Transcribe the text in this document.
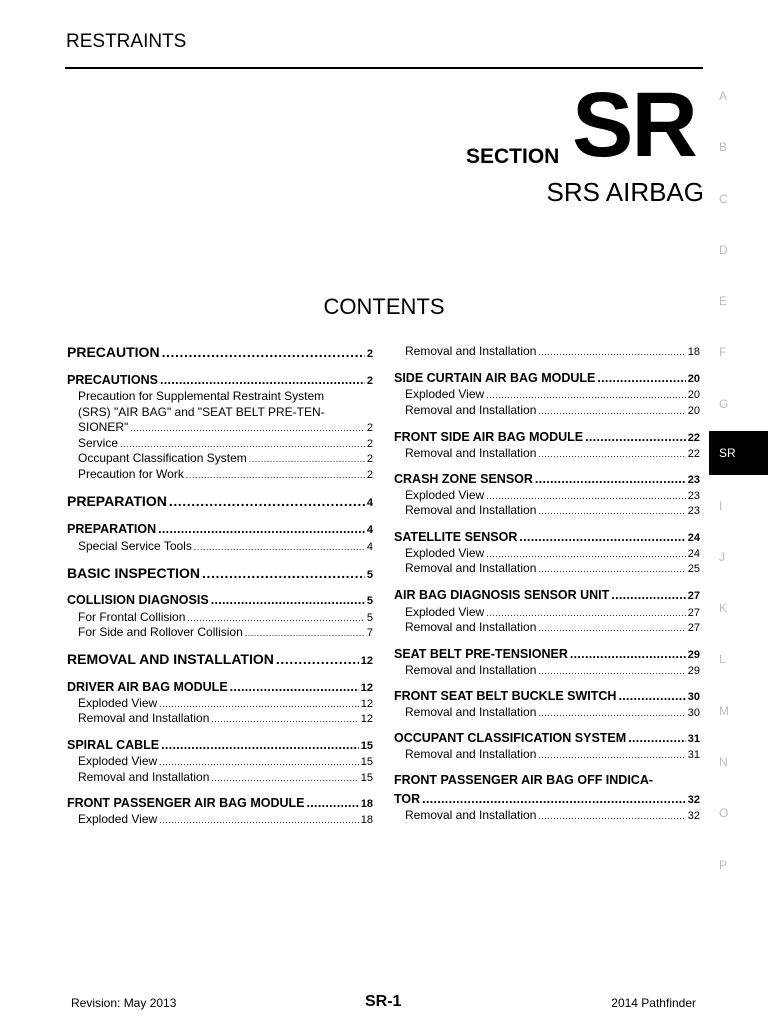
RESTRAINTS
SECTION SR
SRS AIRBAG
CONTENTS
A
B
C
D
E
F
G
SR
I
J
K
L
M
N
O
P
PRECAUTION .....	2
PRECAUTIONS .....	2
Precaution for Supplemental Restraint System
(SRS) "AIR BAG" and "SEAT BELT PRE-TEN-
SIONER" .....	2
Service .....	2
Occupant Classification System .....	2
Precaution for Work .....	2
PREPARATION .....	4
PREPARATION .....	4
Special Service Tools .....	4
BASIC INSPECTION .....	5
COLLISION DIAGNOSIS .....	5
For Frontal Collision .....	5
For Side and Rollover Collision .....	7
REMOVAL AND INSTALLATION .....	12
DRIVER AIR BAG MODULE .....	12
Exploded View .....	12
Removal and Installation .....	12
SPIRAL CABLE .....	15
Exploded View .....	15
Removal and Installation .....	15
FRONT PASSENGER AIR BAG MODULE .....	18
Exploded View .....	18
Removal and Installation .....	18
SIDE CURTAIN AIR BAG MODULE .....	20
Exploded View .....	20
Removal and Installation .....	20
FRONT SIDE AIR BAG MODULE .....	22
Removal and Installation .....	22
CRASH ZONE SENSOR .....	23
Exploded View .....	23
Removal and Installation .....	23
SATELLITE SENSOR .....	24
Exploded View .....	24
Removal and Installation .....	25
AIR BAG DIAGNOSIS SENSOR UNIT .....	27
Exploded View .....	27
Removal and Installation .....	27
SEAT BELT PRE-TENSIONER .....	29
Removal and Installation .....	29
FRONT SEAT BELT BUCKLE SWITCH .....	30
Removal and Installation .....	30
OCCUPANT CLASSIFICATION SYSTEM .....	31
Removal and Installation .....	31
FRONT PASSENGER AIR BAG OFF INDICA-
TOR .....	32
Removal and Installation .....	32
Revision: May 2013	SR-1	2014 Pathfinder
